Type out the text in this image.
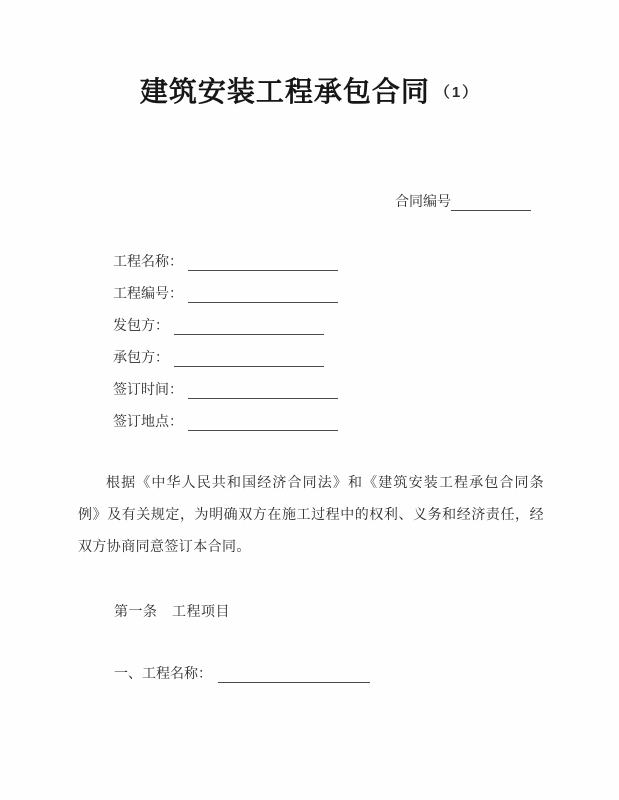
建筑安装工程承包合同 （1）
合同编号
工程名称：
工程编号：
发包方：
承包方：
签订时间：
签订地点：

根据《中华人民共和国经济合同法》和《建筑安装工程承包合同条例》及有关规定，为明确双方在施工过程中的权利、义务和经济责任，经双方协商同意签订本合同。

第一条　工程项目
一、工程名称：
